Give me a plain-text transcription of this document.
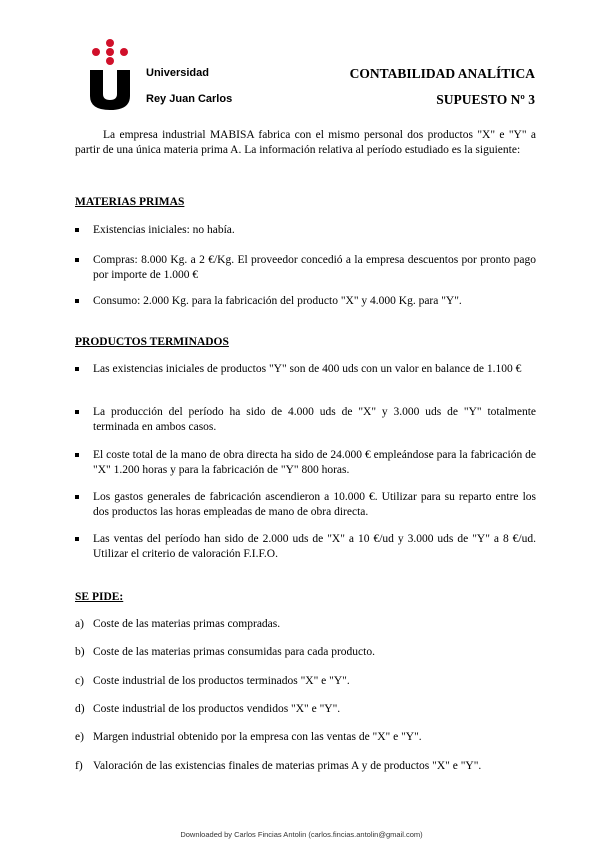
Universidad
Rey Juan Carlos
CONTABILIDAD ANALÍTICA
SUPUESTO Nº 3

La empresa industrial MABISA fabrica con el mismo personal dos productos "X" e "Y" a partir de una única materia prima A. La información relativa al período estudiado es la siguiente:

MATERIAS PRIMAS
Existencias iniciales: no había.
Compras: 8.000 Kg. a 2 €/Kg. El proveedor concedió a la empresa descuentos por pronto pago por importe de 1.000 €
Consumo: 2.000 Kg. para la fabricación del producto "X" y 4.000 Kg. para "Y".
PRODUCTOS TERMINADOS
Las existencias iniciales de productos "Y" son de 400 uds con un valor en balance de 1.100 €
La producción del período ha sido de 4.000 uds de "X" y 3.000 uds de "Y" totalmente terminada en ambos casos.
El coste total de la mano de obra directa ha sido de 24.000 € empleándose para la fabricación de "X" 1.200 horas y para la fabricación de "Y" 800 horas.
Los gastos generales de fabricación ascendieron a 10.000 €. Utilizar para su reparto entre los dos productos las horas empleadas de mano de obra directa.
Las ventas del período han sido de 2.000 uds de "X" a 10 €/ud y 3.000 uds de "Y" a 8 €/ud. Utilizar el criterio de valoración F.I.F.O.
SE PIDE:
a) Coste de las materias primas compradas.
b) Coste de las materias primas consumidas para cada producto.
c) Coste industrial de los productos terminados "X" e "Y".
d) Coste industrial de los productos vendidos "X" e "Y".
e) Margen industrial obtenido por la empresa con las ventas de "X" e "Y".
f) Valoración de las existencias finales de materias primas A y de productos "X" e "Y".
Downloaded by Carlos Fincias Antolin (carlos.fincias.antolin@gmail.com)
